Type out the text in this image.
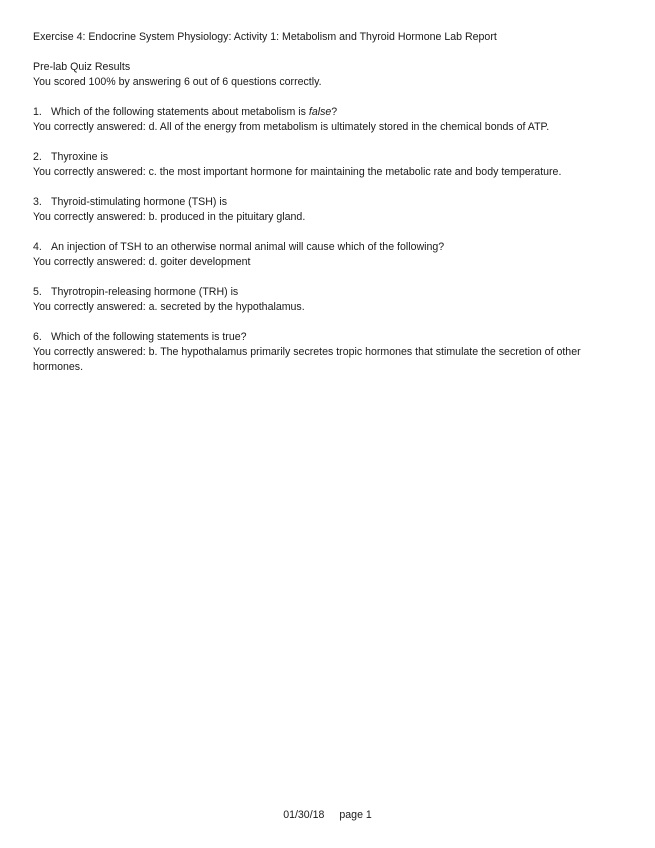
Exercise 4: Endocrine System Physiology: Activity 1: Metabolism and Thyroid Hormone Lab Report
Pre-lab Quiz Results
You scored 100% by answering 6 out of 6 questions correctly.
1. Which of the following statements about metabolism is false?
You correctly answered: d. All of the energy from metabolism is ultimately stored in the chemical bonds of ATP.
2. Thyroxine is
You correctly answered: c. the most important hormone for maintaining the metabolic rate and body temperature.
3. Thyroid-stimulating hormone (TSH) is
You correctly answered: b. produced in the pituitary gland.
4. An injection of TSH to an otherwise normal animal will cause which of the following?
You correctly answered: d. goiter development
5. Thyrotropin-releasing hormone (TRH) is
You correctly answered: a. secreted by the hypothalamus.
6. Which of the following statements is true?
You correctly answered: b. The hypothalamus primarily secretes tropic hormones that stimulate the secretion of other hormones.
01/30/18 page 1
